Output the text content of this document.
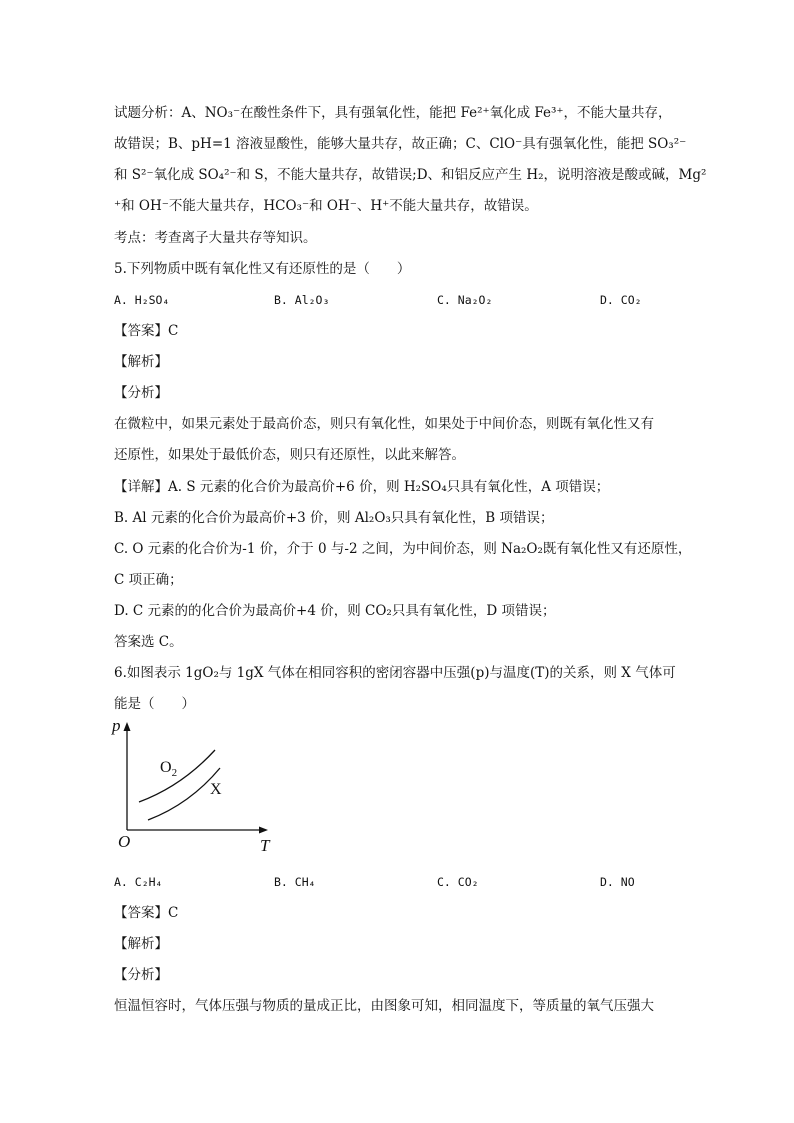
试题分析：A、NO₃⁻在酸性条件下，具有强氧化性，能把 Fe²⁺氧化成 Fe³⁺，不能大量共存，
故错误；B、pH=1 溶液显酸性，能够大量共存，故正确；C、ClO⁻具有强氧化性，能把 SO₃²⁻
和 S²⁻氧化成 SO₄²⁻和 S，不能大量共存，故错误;D、和铝反应产生 H₂，说明溶液是酸或碱，Mg²
⁺和 OH⁻不能大量共存，HCO₃⁻和 OH⁻、H⁺不能大量共存，故错误。
考点：考查离子大量共存等知识。
5.下列物质中既有氧化性又有还原性的是（　　）
A. H₂SO₄	B. Al₂O₃	C. Na₂O₂	D. CO₂
【答案】C
【解析】
【分析】
在微粒中，如果元素处于最高价态，则只有氧化性，如果处于中间价态，则既有氧化性又有
还原性，如果处于最低价态，则只有还原性，以此来解答。
【详解】A. S 元素的化合价为最高价+6 价，则 H₂SO₄只具有氧化性，A 项错误；
B. Al 元素的化合价为最高价+3 价，则 Al₂O₃只具有氧化性，B 项错误；
C. O 元素的化合价为-1 价，介于 0 与-2 之间，为中间价态，则 Na₂O₂既有氧化性又有还原性，
C 项正确；
D. C 元素的的化合价为最高价+4 价，则 CO₂只具有氧化性，D 项错误；
答案选 C。
6.如图表示 1gO₂与 1gX 气体在相同容积的密闭容器中压强(p)与温度(T)的关系，则 X 气体可
能是（　　）
p
T
O
$O_2$
X
A. C₂H₄	B. CH₄	C. CO₂	D. NO
【答案】C
【解析】
【分析】
恒温恒容时，气体压强与物质的量成正比，由图象可知，相同温度下，等质量的氧气压强大
